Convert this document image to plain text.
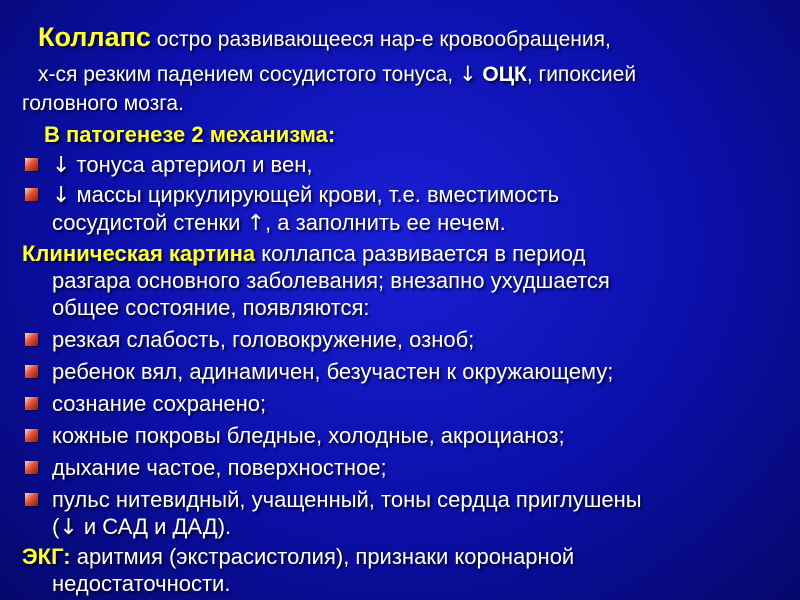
Коллапс остро развивающееся нар-е кровообращения,
х-ся резким падением сосудистого тонуса, ↓ ОЦК, гипоксией
головного мозга.
В патогенезе 2 механизма:
↓ тонуса артериол и вен,
↓ массы циркулирующей крови, т.е. вместимость
сосудистой стенки ↑, а заполнить ее нечем.
Клиническая картина коллапса развивается в период
разгара основного заболевания; внезапно ухудшается
общее состояние, появляются:
резкая слабость, головокружение, озноб;
ребенок вял, адинамичен, безучастен к окружающему;
сознание сохранено;
кожные покровы бледные, холодные, акроцианоз;
дыхание частое, поверхностное;
пульс нитевидный, учащенный, тоны сердца приглушены
(↓ и САД и ДАД).
ЭКГ: аритмия (экстрасистолия), признаки коронарной
недостаточности.
